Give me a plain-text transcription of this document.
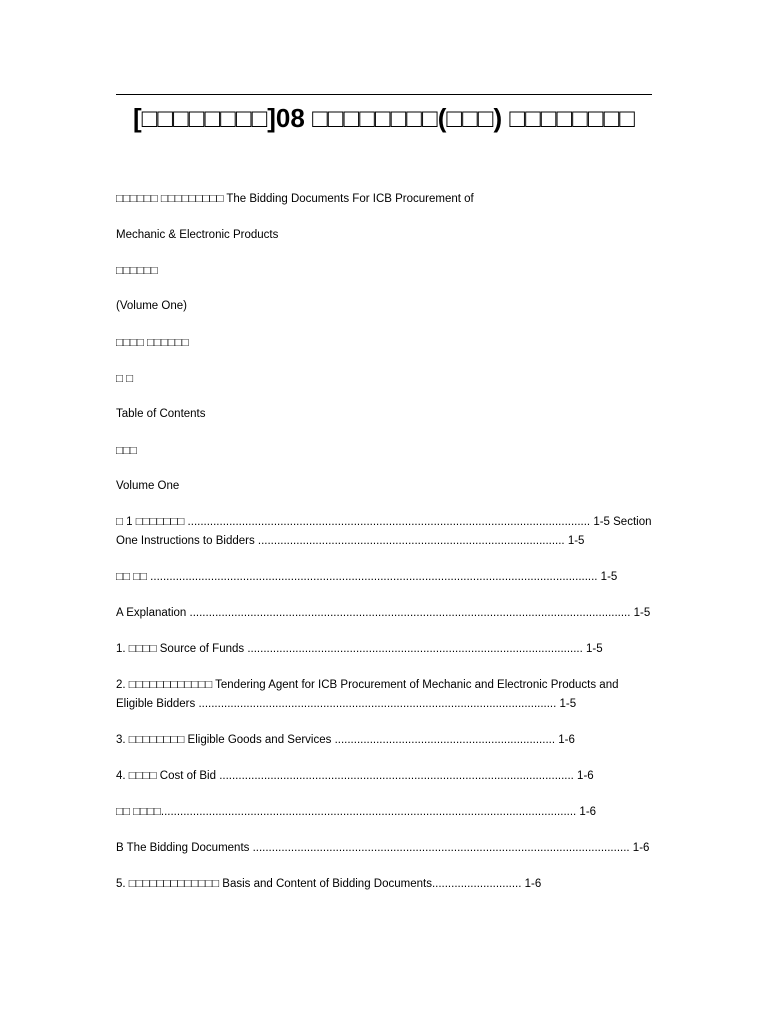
[□□□□□□□□]08 □□□□□□□□(□□□) □□□□□□□□

□□□□□□ □□□□□□□□□ The Bidding Documents For ICB Procurement of

Mechanic & Electronic Products

□□□□□□

(Volume One)

□□□□ □□□□□□

□ □

Table of Contents

□□□

Volume One

□ 1 □□□□□□□ .............................................................................................................................. 1-5 Section

One Instructions to Bidders ................................................................................................ 1-5

□□ □□ ............................................................................................................................................ 1-5

A Explanation .......................................................................................................................................... 1-5

1. □□□□ Source of Funds ......................................................................................................... 1-5

2. □□□□□□□□□□□□ Tendering Agent for ICB Procurement of Mechanic and Electronic Products and

Eligible Bidders ................................................................................................................ 1-5

3. □□□□□□□□ Eligible Goods and Services ..................................................................... 1-6

4. □□□□ Cost of Bid ............................................................................................................... 1-6

□□ □□□□.................................................................................................................................. 1-6

B The Bidding Documents ...................................................................................................................... 1-6

5. □□□□□□□□□□□□□ Basis and Content of Bidding Documents............................ 1-6
